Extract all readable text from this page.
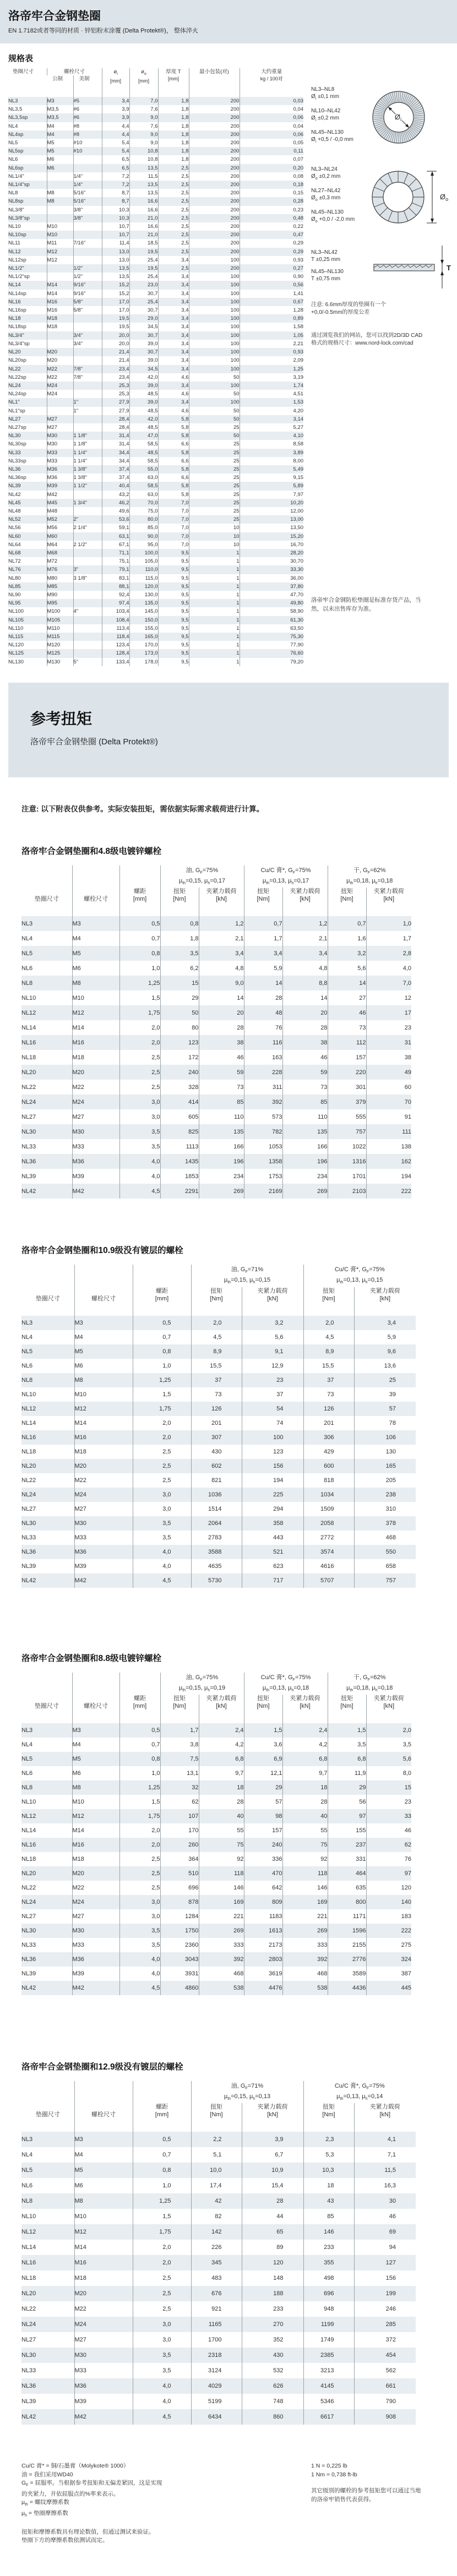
洛帝牢合金钢垫圈
EN 1.7182或者等同的材质 · 锌铝粉末涂覆 (Delta Protekt®)， 整体淬火
规格表
垫圈尺寸	螺栓尺寸		$ø_i$
[mm]	$ø_o$
[mm]	厚度 T
[mm]	最小包装(对)	大约重量
kg / 100对
	公制	美制					
NL3	M3	#5	3,4	7,0	1,8	200	0,03
NL3,5	M3,5	#6	3,9	7,6	1,8	200	0,04
NL3,5sp	M3,5	#6	3,9	9,0	1,8	200	0,06
NL4	M4	#8	4,4	7,6	1,8	200	0,04
NL4sp	M4	#8	4,4	9,0	1,8	200	0,06
NL5	M5	#10	5,4	9,0	1,8	200	0,05
NL5sp	M5	#10	5,4	10,8	1,8	200	0,11
NL6	M6		6,5	10,8	1,8	200	0,07
NL6sp	M6		6,5	13,5	2,5	200	0,20
NL1/4"		1/4"	7,2	11,5	2,5	200	0,08
NL1/4"sp		1/4"	7,2	13,5	2,5	200	0,18
NL8	M8	5/16"	8,7	13,5	2,5	200	0,15
NL8sp	M8	5/16"	8,7	16,6	2,5	200	0,28
NL3/8"		3/8"	10,3	16,6	2,5	200	0,23
NL3/8"sp		3/8"	10,3	21,0	2,5	200	0,48
NL10	M10		10,7	16,6	2,5	200	0,22
NL10sp	M10		10,7	21,0	2,5	200	0,47
NL11	M11	7/16"	11,4	18,5	2,5	200	0,29
NL12	M12		13,0	19,5	2,5	200	0,29
NL12sp	M12		13,0	25,4	3,4	100	0,93
NL1/2"		1/2"	13,5	19,5	2,5	200	0,27
NL1/2"sp		1/2"	13,5	25,4	3,4	100	0,90
NL14	M14	9/16"	15,2	23,0	3,4	100	0,56
NL14sp	M14	9/16"	15,2	30,7	3,4	100	1,41
NL16	M16	5/8"	17,0	25,4	3,4	100	0,67
NL16sp	M16	5/8"	17,0	30,7	3,4	100	1,28
NL18	M18		19,5	29,0	3,4	100	0,89
NL18sp	M18		19,5	34,5	3,4	100	1,58
NL3/4"		3/4"	20,0	30,7	3,4	100	1,05
NL3/4"sp		3/4"	20,0	39,0	3,4	100	2,21
NL20	M20		21,4	30,7	3,4	100	0,93
NL20sp	M20		21,4	39,0	3,4	100	2,09
NL22	M22	7/8"	23,4	34,5	3,4	100	1,25
NL22sp	M22	7/8"	23,4	42,0	4,6	50	3,19
NL24	M24		25,3	39,0	3,4	100	1,74
NL24sp	M24		25,3	48,5	4,6	50	4,51
NL1"		1"	27,9	39,0	3,4	100	1,53
NL1"sp		1"	27,9	48,5	4,6	50	4,20
NL27	M27		28,4	42,0	5,8	50	3,14
NL27sp	M27		28,4	48,5	5,8	25	5,27
NL30	M30	1 1/8"	31,4	47,0	5,8	50	4,10
NL30sp	M30	1 1/8"	31,4	58,5	6,6	25	8,58
NL33	M33	1 1/4"	34,4	48,5	5,8	25	3,89
NL33sp	M33	1 1/4"	34,4	58,5	6,6	25	8,00
NL36	M36	1 3/8"	37,4	55,0	5,8	25	5,49
NL36sp	M36	1 3/8"	37,4	63,0	6,6	25	9,15
NL39	M39	1 1/2"	40,4	58,5	5,8	25	5,89
NL42	M42		43,2	63,0	5,8	25	7,97
NL45	M45	1 3/4"	46,2	70,0	7,0	25	10,20
NL48	M48		49,6	75,0	7,0	25	12,00
NL52	M52	2"	53,6	80,0	7,0	25	13,00
NL56	M56	2 1/4"	59,1	85,0	7,0	10	13,50
NL60	M60		63,1	90,0	7,0	10	15,20
NL64	M64	2 1/2"	67,1	95,0	7,0	10	16,70
NL68	M68		71,1	100,0	9,5	1	28,20
NL72	M72		75,1	105,0	9,5	1	30,70
NL76	M76	3"	79,1	110,0	9,5	1	33,30
NL80	M80	3 1/8"	83,1	115,0	9,5	1	36,00
NL85	M85		88,1	120,0	9,5	1	37,80
NL90	M90		92,4	130,0	9,5	1	47,70
NL95	M95		97,4	135,0	9,5	1	49,80
NL100	M100	4"	103,4	145,0	9,5	1	58,90
NL105	M105		108,4	150,0	9,5	1	61,30
NL110	M110		113,4	155,0	9,5	1	63,50
NL115	M115		118,4	165,0	9,5	1	75,30
NL120	M120		123,4	170,0	9,5	1	77,90
NL125	M125		128,4	173,0	9,5	1	76,60
NL130	M130	5"	133,4	178,0	9,5	1	79,20
NL3–NL8
$Ø_i \pm 0,1$ mm
NL10–NL42
$Ø_i \pm 0,2$ mm
NL45–NL130
$Ø_i +0,5 / -0,0$ mm
$Ø_i$
NL3–NL24
$Ø_o \pm 0,2$ mm
NL27–NL42
$Ø_o \pm 0,3$ mm
NL45–NL130
$Ø_o +0,0 / -2,0$ mm
$Ø_o$
NL3–NL42
T ±0,25 mm
NL45–NL130
T ±0,75 mm
T
注意: 6.6mm厚度的垫圈有一个
+0,0/-0.5mm的厚度公差
通过浏览我们的网站，您可以找到2D/3D CAD
格式的规格尺寸：www.nord-lock.com/cad
洛帝牢合金钢防松垫圈是标准存货产品，当
然，以未出售库存为准。
参考扭矩
洛帝牢合金钢垫圈 (Delta Protekt®)

注意: 以下附表仅供参考。实际安装扭矩，需依据实际需求载荷进行计算。

洛帝牢合金钢垫圈和4.8级电镀锌螺栓
垫圈尺寸	螺栓尺寸	螺距
[mm]	油, $G_F=75\%$
$\mu_{th}=0,15$, $\mu_h=0,17$		Cu/C 膏*, $G_F=75\%$
$\mu_{th}=0,13$, $\mu_h=0,17$		干, $G_F=62\%$
$\mu_{th}=0,18$, $\mu_h=0,18$	
			扭矩
[Nm]	夹紧力载荷
[kN]	扭矩
[Nm]	夹紧力载荷
[kN]	扭矩
[Nm]	夹紧力载荷
[kN]
NL3	M3	0,5	0,8	1,2	0,7	1,2	0,7	1,0
NL4	M4	0,7	1,8	2,1	1,7	2,1	1,6	1,7
NL5	M5	0,8	3,5	3,4	3,4	3,4	3,2	2,8
NL6	M6	1,0	6,2	4,8	5,9	4,8	5,6	4,0
NL8	M8	1,25	15	9,0	14	8,8	14	7,0
NL10	M10	1,5	29	14	28	14	27	12
NL12	M12	1,75	50	20	48	20	46	17
NL14	M14	2,0	80	28	76	28	73	23
NL16	M16	2,0	123	38	116	38	112	31
NL18	M18	2,5	172	46	163	46	157	38
NL20	M20	2,5	240	59	228	59	220	49
NL22	M22	2,5	328	73	311	73	301	60
NL24	M24	3,0	414	85	392	85	379	70
NL27	M27	3,0	605	110	573	110	555	91
NL30	M30	3,5	825	135	782	135	757	111
NL33	M33	3,5	1113	166	1053	166	1022	138
NL36	M36	4,0	1435	196	1358	196	1316	162
NL39	M39	4,0	1853	234	1753	234	1701	194
NL42	M42	4,5	2291	269	2169	269	2103	222
洛帝牢合金钢垫圈和10.9级没有镀层的螺栓
垫圈尺寸	螺栓尺寸	螺距
[mm]	油, $G_F=71\%$
$\mu_{th}=0,15$, $\mu_h=0,15$		Cu/C 膏*, $G_F=75\%$
$\mu_{th}=0,13$, $\mu_h=0,15$	
			扭矩
[Nm]	夹紧力载荷
[kN]	扭矩
[Nm]	夹紧力载荷
[kN]
NL3	M3	0,5	2,0	3,2	2,0	3,4
NL4	M4	0,7	4,5	5,6	4,5	5,9
NL5	M5	0,8	8,9	9,1	8,9	9,6
NL6	M6	1,0	15,5	12,9	15,5	13,6
NL8	M8	1,25	37	23	37	25
NL10	M10	1,5	73	37	73	39
NL12	M12	1,75	126	54	126	57
NL14	M14	2,0	201	74	201	78
NL16	M16	2,0	307	100	306	106
NL18	M18	2,5	430	123	429	130
NL20	M20	2,5	602	156	600	165
NL22	M22	2,5	821	194	818	205
NL24	M24	3,0	1036	225	1034	238
NL27	M27	3,0	1514	294	1509	310
NL30	M30	3,5	2064	358	2058	378
NL33	M33	3,5	2783	443	2772	468
NL36	M36	4,0	3588	521	3574	550
NL39	M39	4,0	4635	623	4616	658
NL42	M42	4,5	5730	717	5707	757
洛帝牢合金钢垫圈和8.8级电镀锌螺栓
垫圈尺寸	螺栓尺寸	螺距
[mm]	油, $G_F=75\%$
$\mu_{th}=0,15$, $\mu_h=0,19$		Cu/C 膏*, $G_F=75\%$
$\mu_{th}=0,13$, $\mu_h=0,18$		干, $G_F=62\%$
$\mu_{th}=0,18$, $\mu_h=0,18$	
			扭矩
[Nm]	夹紧力载荷
[kN]	扭矩
[Nm]	夹紧力载荷
[kN]	扭矩
[Nm]	夹紧力载荷
[kN]
NL3	M3	0,5	1,7	2,4	1,5	2,4	1,5	2,0
NL4	M4	0,7	3,8	4,2	3,6	4,2	3,5	3,5
NL5	M5	0,8	7,5	6,8	6,9	6,8	6,8	5,6
NL6	M6	1,0	13,1	9,7	12,1	9,7	11,9	8,0
NL8	M8	1,25	32	18	29	18	29	15
NL10	M10	1,5	62	28	57	28	56	23
NL12	M12	1,75	107	40	98	40	97	33
NL14	M14	2,0	170	55	157	55	155	46
NL16	M16	2,0	260	75	240	75	237	62
NL18	M18	2,5	364	92	336	92	331	76
NL20	M20	2,5	510	118	470	118	464	97
NL22	M22	2,5	696	146	642	146	635	120
NL24	M24	3,0	878	169	809	169	800	140
NL27	M27	3,0	1284	221	1183	221	1171	183
NL30	M30	3,5	1750	269	1613	269	1596	222
NL33	M33	3,5	2360	333	2173	333	2155	275
NL36	M36	4,0	3043	392	2803	392	2776	324
NL39	M39	4,0	3931	468	3619	468	3589	387
NL42	M42	4,5	4860	538	4476	538	4436	445
洛帝牢合金钢垫圈和12.9级没有镀层的螺栓
垫圈尺寸	螺栓尺寸	螺距
[mm]	油, $G_F=71\%$
$\mu_{th}=0,15$, $\mu_h=0,13$		Cu/C 膏*, $G_F=75\%$
$\mu_{th}=0,13$, $\mu_h=0,14$	
			扭矩
[Nm]	夹紧力载荷
[kN]	扭矩
[Nm]	夹紧力载荷
[kN]
NL3	M3	0,5	2,2	3,9	2,3	4,1
NL4	M4	0,7	5,1	6,7	5,3	7,1
NL5	M5	0,8	10,0	10,9	10,3	11,5
NL6	M6	1,0	17,4	15,4	18	16,3
NL8	M8	1,25	42	28	43	30
NL10	M10	1,5	82	44	85	46
NL12	M12	1,75	142	65	146	69
NL14	M14	2,0	226	89	233	94
NL16	M16	2,0	345	120	355	127
NL18	M18	2,5	483	148	498	156
NL20	M20	2,5	676	188	696	199
NL22	M22	2,5	921	233	948	246
NL24	M24	3,0	1165	270	1199	285
NL27	M27	3,0	1700	352	1749	372
NL30	M30	3,5	2318	430	2385	454
NL33	M33	3,5	3124	532	3213	562
NL36	M36	4,0	4029	626	4145	661
NL39	M39	4,0	5199	748	5346	790
NL42	M42	4,5	6434	860	6617	908
Cu/C 膏* = 铜/石墨膏（Molykote® 1000）
油 = 我们采用WD40
$G_F$ = 屈服率。当根据参考扭矩和无偏差紧固，这是实现
的夹紧力，并依屈服点的%率来表示。
$\mu_{th}$ = 螺纹摩擦系数
$\mu_h$ = 垫圈摩擦系数
扭矩和摩擦系数具有理论数值，但通过测试来验证。
垫圈下方的摩擦系数依测试而定。
1 N = 0,225 lb
1 Nm = 0,738 ft-lb
其它级别的螺栓的参考扭矩您可以通过当地
的洛帝牢销售代表获得。
